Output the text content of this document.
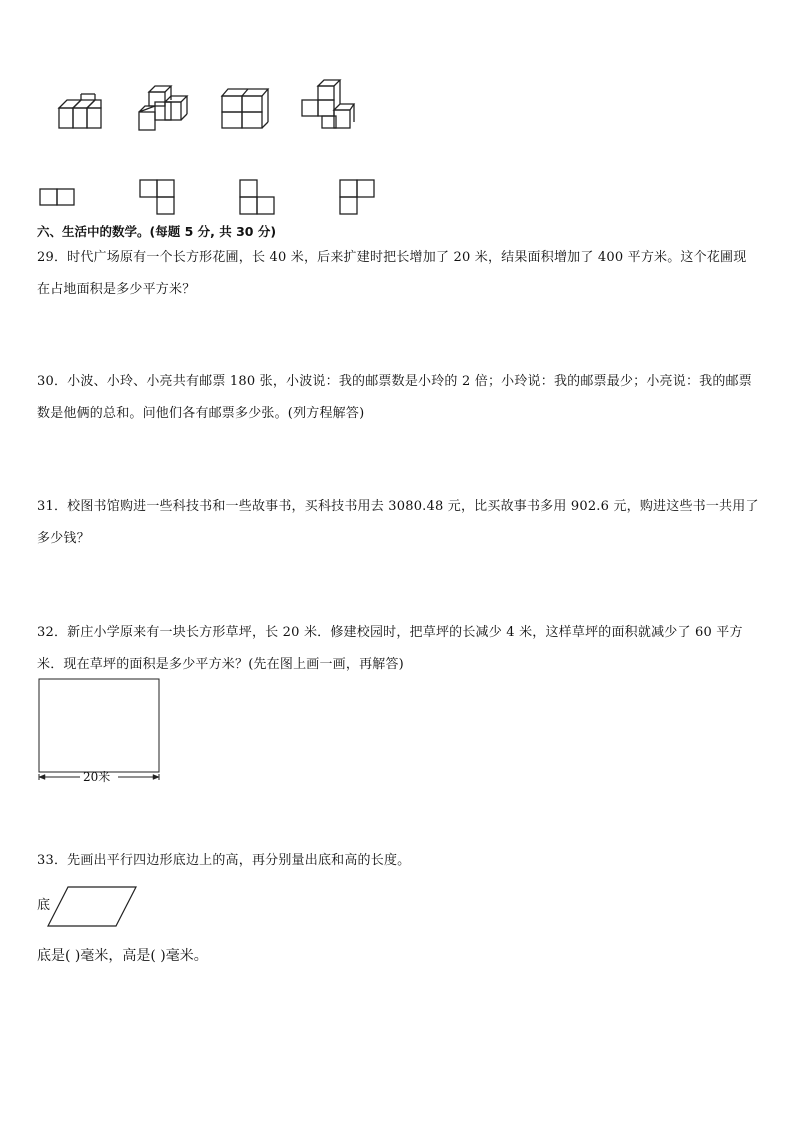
六、生活中的数学。(每题 5 分, 共 30 分)

29．时代广场原有一个长方形花圃，长 40 米，后来扩建时把长增加了 20 米，结果面积增加了 400 平方米。这个花圃现在占地面积是多少平方米？

30．小波、小玲、小亮共有邮票 180 张，小波说：我的邮票数是小玲的 2 倍；小玲说：我的邮票最少；小亮说：我的邮票数是他俩的总和。问他们各有邮票多少张。(列方程解答)

31．校图书馆购进一些科技书和一些故事书，买科技书用去 3080.48 元，比买故事书多用 902.6 元，购进这些书一共用了多少钱？

32．新庄小学原来有一块长方形草坪，长 20 米．修建校园时，把草坪的长减少 4 米，这样草坪的面积就减少了 60 平方米．现在草坪的面积是多少平方米？(先在图上画一画，再解答)

20米

33．先画出平行四边形底边上的高，再分别量出底和高的长度。

底
底是( )毫米，高是( )毫米。
